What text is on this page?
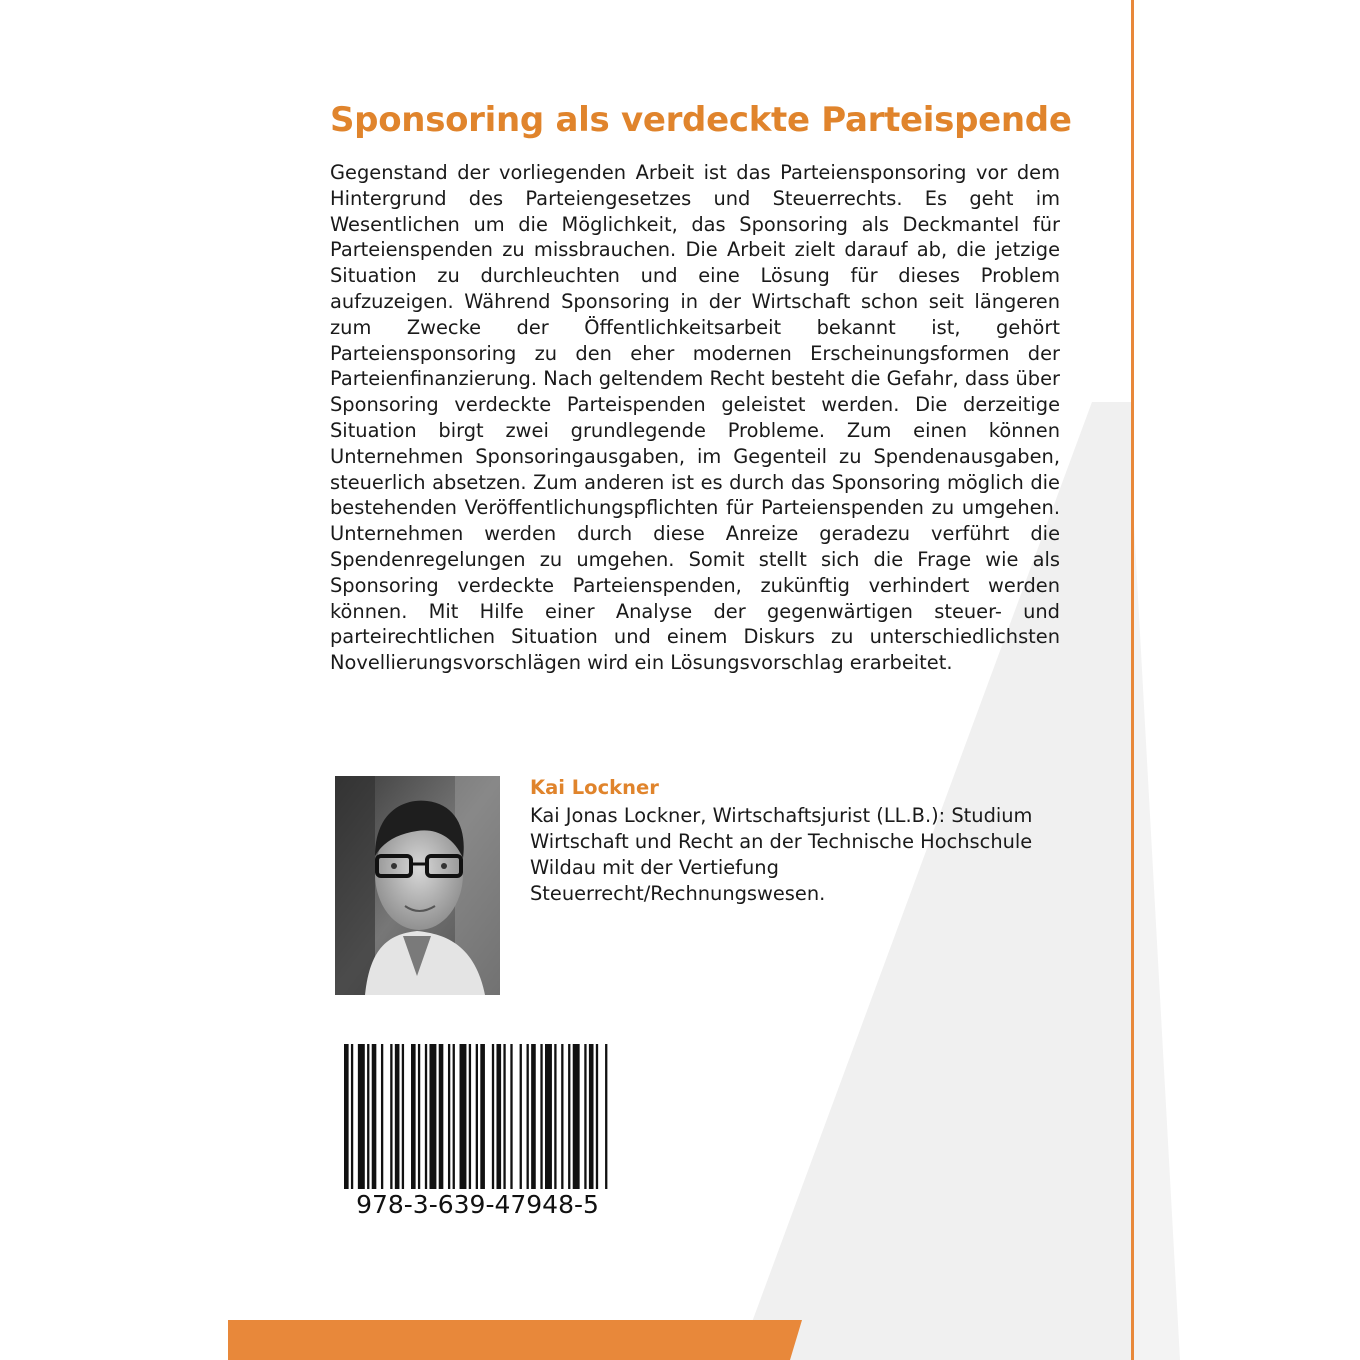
Sponsoring als verdeckte Parteispende

Gegenstand der vorliegenden Arbeit ist das Parteiensponsoring vor dem Hintergrund des Parteiengesetzes und Steuerrechts. Es geht im Wesentlichen um die Möglichkeit, das Sponsoring als Deckmantel für Parteienspenden zu missbrauchen. Die Arbeit zielt darauf ab, die jetzige Situation zu durchleuchten und eine Lösung für dieses Problem aufzuzeigen. Während Sponsoring in der Wirtschaft schon seit längeren zum Zwecke der Öffentlichkeitsarbeit bekannt ist, gehört Parteiensponsoring zu den eher modernen Erscheinungsformen der Parteienfinanzierung. Nach geltendem Recht besteht die Gefahr, dass über Sponsoring verdeckte Parteispenden geleistet werden. Die derzeitige Situation birgt zwei grundlegende Probleme. Zum einen können Unternehmen Sponsoringausgaben, im Gegenteil zu Spendenausgaben, steuerlich absetzen. Zum anderen ist es durch das Sponsoring möglich die bestehenden Veröffentlichungspflichten für Parteienspenden zu umgehen. Unternehmen werden durch diese Anreize geradezu verführt die Spendenregelungen zu umgehen. Somit stellt sich die Frage wie als Sponsoring verdeckte Parteienspenden, zukünftig verhindert werden können. Mit Hilfe einer Analyse der gegenwärtigen steuer- und parteirechtlichen Situation und einem Diskurs zu unterschiedlichsten Novellierungsvorschlägen wird ein Lösungsvorschlag erarbeitet.

Kai Lockner

Kai Jonas Lockner, Wirtschaftsjurist (LL.B.): Studium Wirtschaft und Recht an der Technische Hochschule Wildau mit der Vertiefung Steuerrecht/Rechnungswesen.

978-3-639-47948-5
